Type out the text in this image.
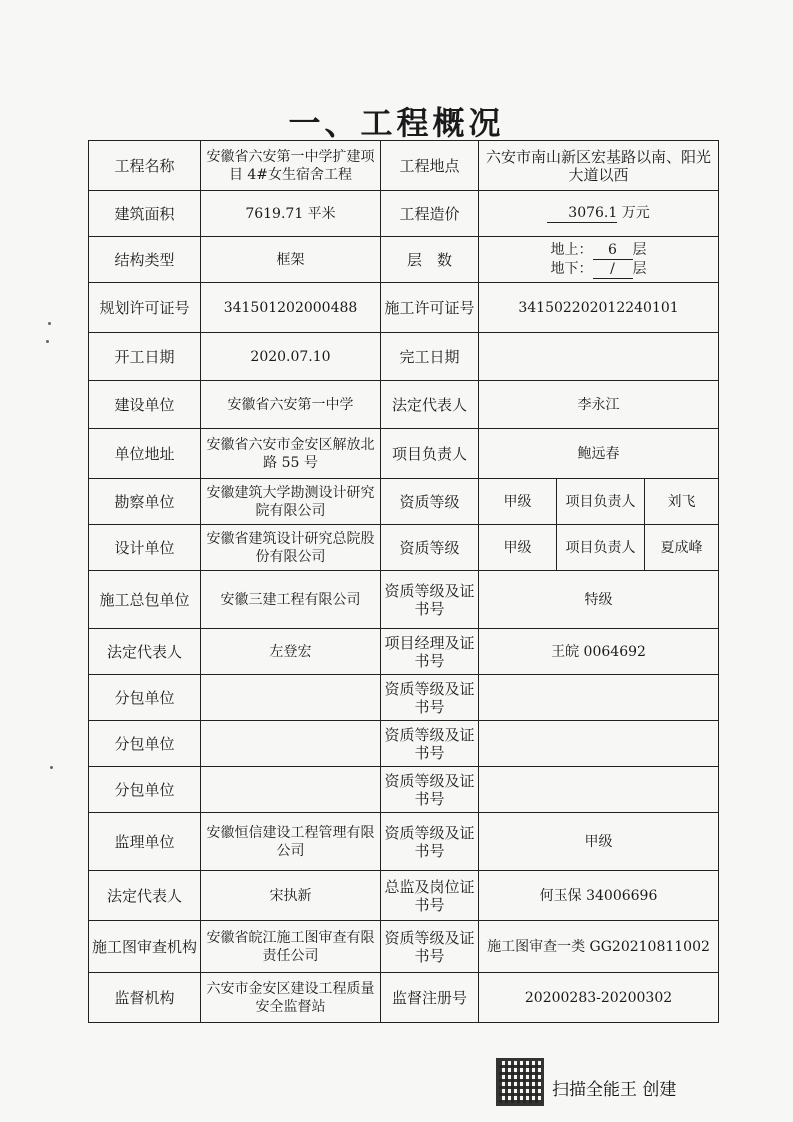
一、工程概况
工程名称	安徽省六安第一中学扩建项目 4#女生宿舍工程	工程地点	六安市南山新区宏基路以南、阳光大道以西		
建筑面积	7619.71 平米	工程造价	3076.1 万元		
结构类型	框架	层　数	地上： 6 层
地下： / 层		

规划许可证号	341501202000488	施工许可证号	341502202012240101		
开工日期	2020.07.10	完工日期			
建设单位	安徽省六安第一中学	法定代表人	李永江		
单位地址	安徽省六安市金安区解放北路 55 号	项目负责人	鲍远春		
勘察单位	安徽建筑大学勘测设计研究院有限公司	资质等级	甲级	项目负责人	刘飞
设计单位	安徽省建筑设计研究总院股份有限公司	资质等级	甲级	项目负责人	夏成峰
施工总包单位	安徽三建工程有限公司	资质等级及证书号	特级		
法定代表人	左登宏	项目经理及证书号	王皖 0064692		
分包单位		资质等级及证书号			
分包单位		资质等级及证书号			
分包单位		资质等级及证书号			
监理单位	安徽恒信建设工程管理有限公司	资质等级及证书号	甲级		
法定代表人	宋执新	总监及岗位证书号	何玉保 34006696		
施工图审查机构	安徽省皖江施工图审查有限责任公司	资质等级及证书号	施工图审查一类 GG20210811002		
监督机构	六安市金安区建设工程质量安全监督站	监督注册号	20200283-20200302		
扫描全能王 创建
